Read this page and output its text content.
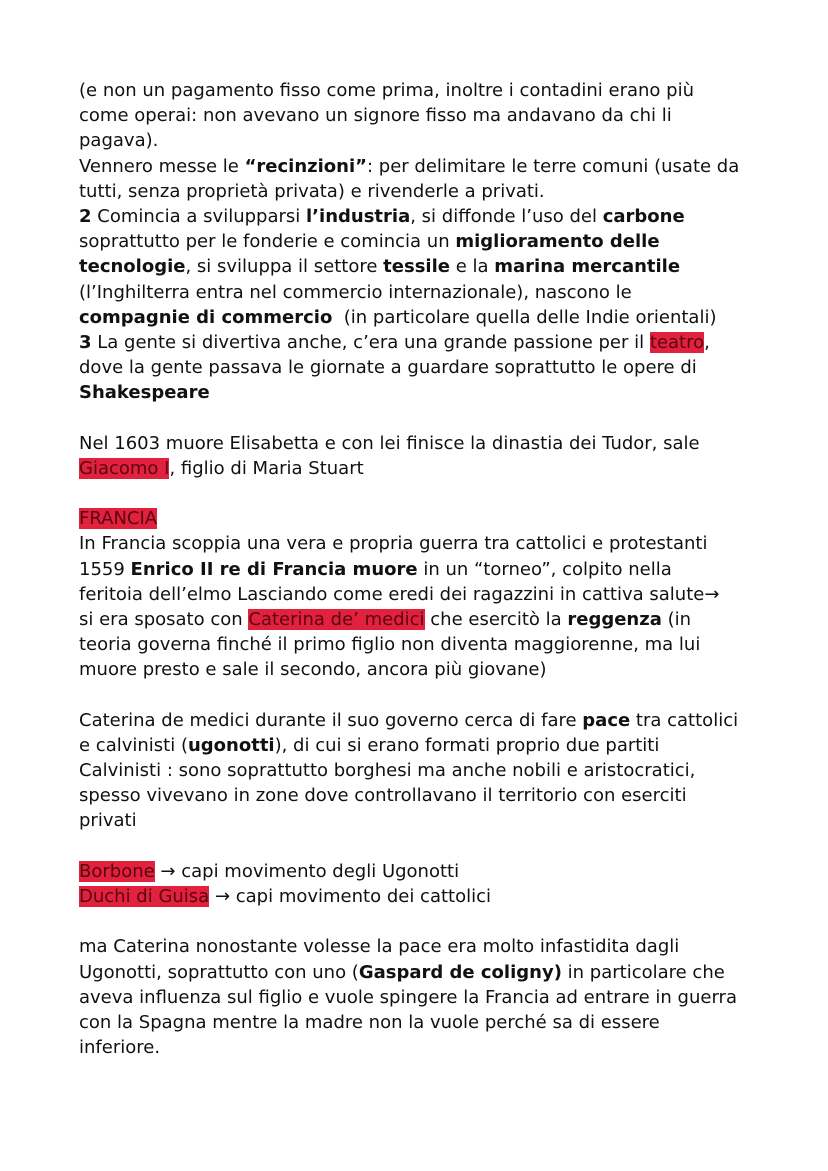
(e non un pagamento fisso come prima, inoltre i contadini erano più
come operai: non avevano un signore fisso ma andavano da chi li
pagava).
Vennero messe le “recinzioni”: per delimitare le terre comuni (usate da
tutti, senza proprietà privata) e rivenderle a privati.
2 Comincia a svilupparsi l’industria, si diffonde l’uso del carbone
soprattutto per le fonderie e comincia un miglioramento delle
tecnologie, si sviluppa il settore tessile e la marina mercantile
(l’Inghilterra entra nel commercio internazionale), nascono le
compagnie di commercio  (in particolare quella delle Indie orientali)
3 La gente si divertiva anche, c’era una grande passione per il teatro,
dove la gente passava le giornate a guardare soprattutto le opere di
Shakespeare
Nel 1603 muore Elisabetta e con lei finisce la dinastia dei Tudor, sale
Giacomo I, figlio di Maria Stuart
FRANCIA
In Francia scoppia una vera e propria guerra tra cattolici e protestanti
1559 Enrico II re di Francia muore in un “torneo”, colpito nella
feritoia dell’elmo Lasciando come eredi dei ragazzini in cattiva salute→
si era sposato con Caterina de’ medici che esercitò la reggenza (in
teoria governa finché il primo figlio non diventa maggiorenne, ma lui
muore presto e sale il secondo, ancora più giovane)
Caterina de medici durante il suo governo cerca di fare pace tra cattolici
e calvinisti (ugonotti), di cui si erano formati proprio due partiti
Calvinisti : sono soprattutto borghesi ma anche nobili e aristocratici,
spesso vivevano in zone dove controllavano il territorio con eserciti
privati
Borbone → capi movimento degli Ugonotti
Duchi di Guisa → capi movimento dei cattolici
ma Caterina nonostante volesse la pace era molto infastidita dagli
Ugonotti, soprattutto con uno (Gaspard de coligny) in particolare che
aveva influenza sul figlio e vuole spingere la Francia ad entrare in guerra
con la Spagna mentre la madre non la vuole perché sa di essere
inferiore.
